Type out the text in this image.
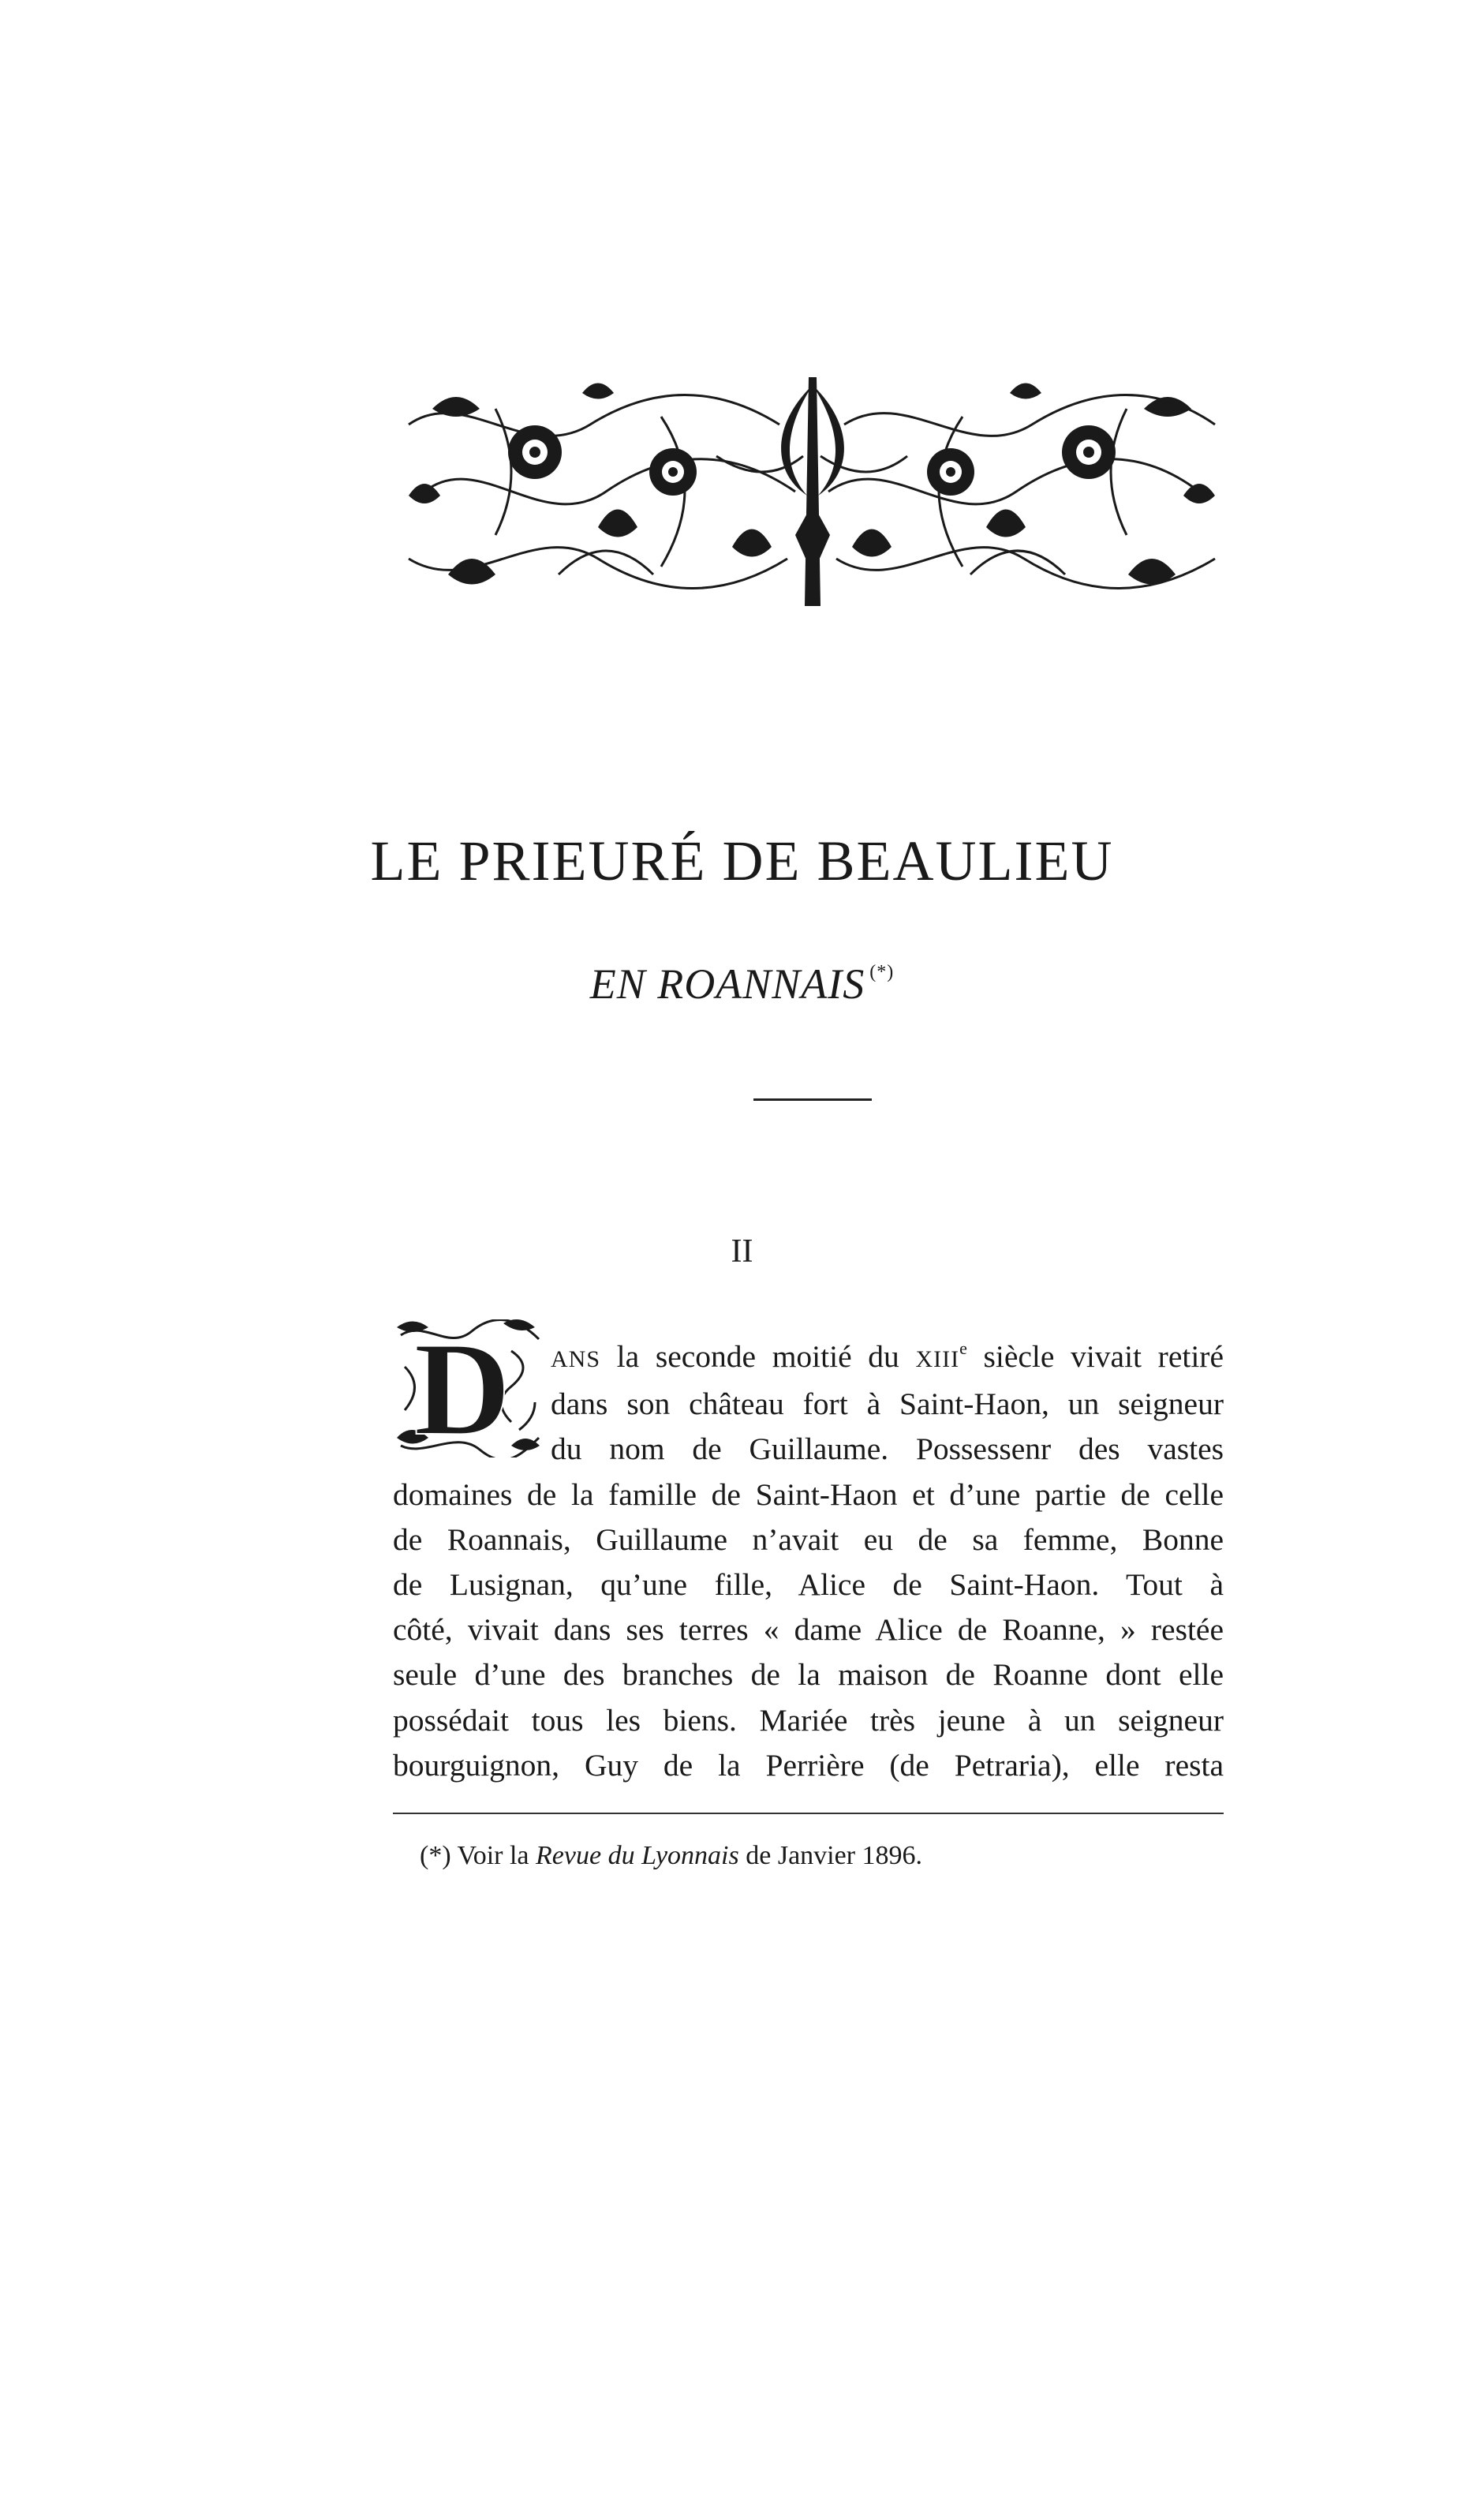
LE PRIEURÉ DE BEAULIEU
EN ROANNAIS (*)
II
D	ANS la seconde moitié du XIIIe siècle vivait retiré
dans son château fort à Saint-Haon, un seigneur
du nom de Guillaume. Possessenr des vastes
domaines de la famille de Saint-Haon et d’une partie de celle
de Roannais, Guillaume n’avait eu de sa femme, Bonne
de Lusignan, qu’une fille, Alice de Saint-Haon. Tout à
côté, vivait dans ses terres « dame Alice de Roanne, » restée
seule d’une des branches de la maison de Roanne dont elle
possédait tous les biens. Mariée très jeune à un seigneur
bourguignon, Guy de la Perrière (de Petraria), elle resta
(*) Voir la Revue du Lyonnais de Janvier 1896.
